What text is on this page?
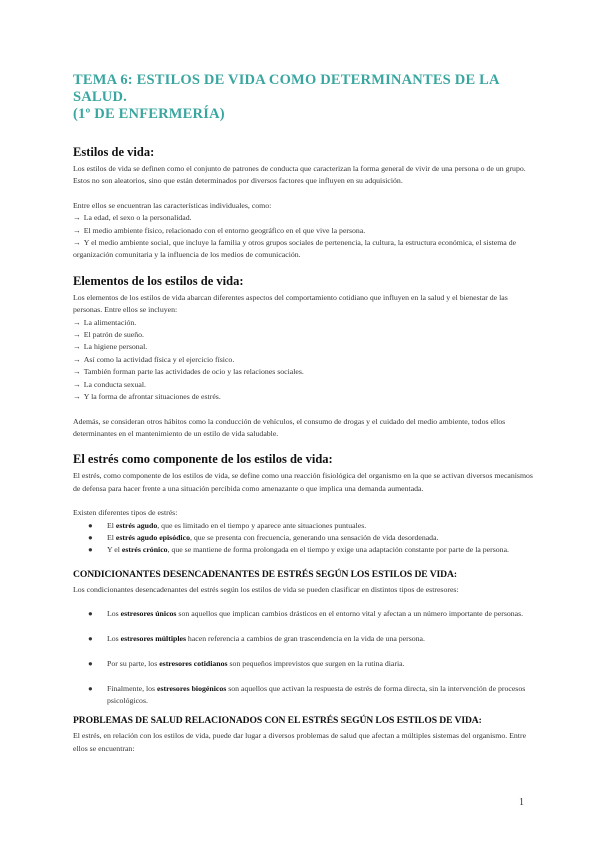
TEMA 6: ESTILOS DE VIDA COMO DETERMINANTES DE LA SALUD.
(1º DE ENFERMERÍA)
Estilos de vida:

Los estilos de vida se definen como el conjunto de patrones de conducta que caracterizan la forma general de vivir de una persona o de un grupo. Estos no son aleatorios, sino que están determinados por diversos factores que influyen en su adquisición.

Entre ellos se encuentran las características individuales, como:

→ La edad, el sexo o la personalidad.
→ El medio ambiente físico, relacionado con el entorno geográfico en el que vive la persona.
→ Y el medio ambiente social, que incluye la familia y otros grupos sociales de pertenencia, la cultura, la estructura económica, el sistema de organización comunitaria y la influencia de los medios de comunicación.
Elementos de los estilos de vida:

Los elementos de los estilos de vida abarcan diferentes aspectos del comportamiento cotidiano que influyen en la salud y el bienestar de las personas. Entre ellos se incluyen:

→ La alimentación.
→ El patrón de sueño.
→ La higiene personal.
→ Así como la actividad física y el ejercicio físico.
→ También forman parte las actividades de ocio y las relaciones sociales.
→ La conducta sexual.
→ Y la forma de afrontar situaciones de estrés.

Además, se consideran otros hábitos como la conducción de vehículos, el consumo de drogas y el cuidado del medio ambiente, todos ellos determinantes en el mantenimiento de un estilo de vida saludable.

El estrés como componente de los estilos de vida:

El estrés, como componente de los estilos de vida, se define como una reacción fisiológica del organismo en la que se activan diversos mecanismos de defensa para hacer frente a una situación percibida como amenazante o que implica una demanda aumentada.

Existen diferentes tipos de estrés:

● El estrés agudo, que es limitado en el tiempo y aparece ante situaciones puntuales.
● El estrés agudo episódico, que se presenta con frecuencia, generando una sensación de vida desordenada.
● Y el estrés crónico, que se mantiene de forma prolongada en el tiempo y exige una adaptación constante por parte de la persona.
CONDICIONANTES DESENCADENANTES DE ESTRÉS SEGÚN LOS ESTILOS DE VIDA:

Los condicionantes desencadenantes del estrés según los estilos de vida se pueden clasificar en distintos tipos de estresores:

● Los estresores únicos son aquellos que implican cambios drásticos en el entorno vital y afectan a un número importante de personas.
● Los estresores múltiples hacen referencia a cambios de gran trascendencia en la vida de una persona.
● Por su parte, los estresores cotidianos son pequeños imprevistos que surgen en la rutina diaria.
● Finalmente, los estresores biogénicos son aquellos que activan la respuesta de estrés de forma directa, sin la intervención de procesos psicológicos.
PROBLEMAS DE SALUD RELACIONADOS CON EL ESTRÉS SEGÚN LOS ESTILOS DE VIDA:

El estrés, en relación con los estilos de vida, puede dar lugar a diversos problemas de salud que afectan a múltiples sistemas del organismo. Entre ellos se encuentran:

1
